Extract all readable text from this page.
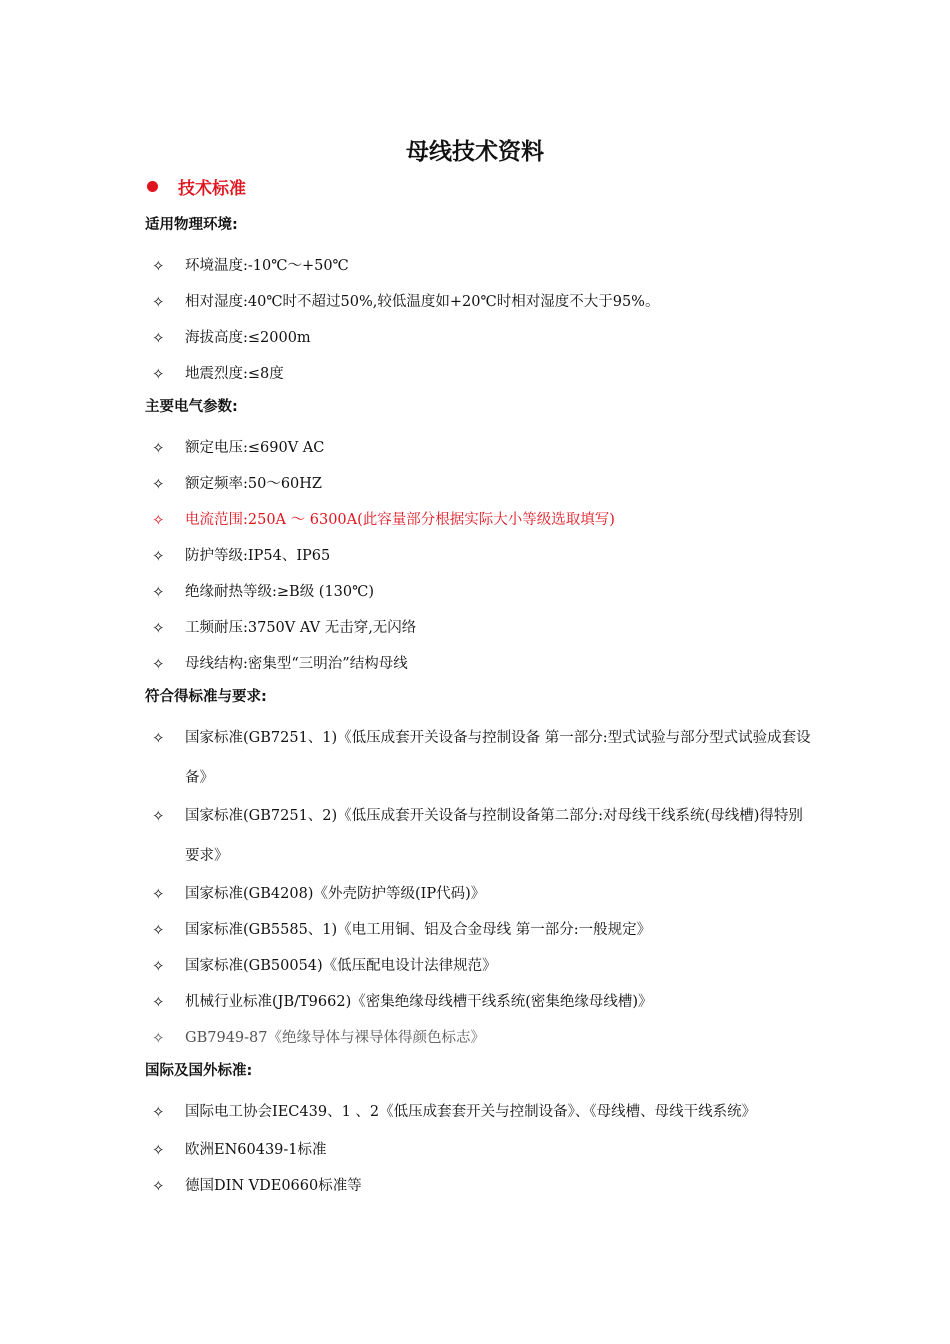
母线技术资料
技术标准
适用物理环境:
✧	环境温度:-10℃～+50℃
✧	相对湿度:40℃时不超过50%,较低温度如+20℃时相对湿度不大于95%。
✧	海拔高度:≤2000m
✧	地震烈度:≤8度
主要电气参数:
✧	额定电压:≤690V AC
✧	额定频率:50～60HZ
✧	电流范围:250A ～ 6300A(此容量部分根据实际大小等级选取填写)
✧	防护等级:IP54、IP65
✧	绝缘耐热等级:≥B级 (130℃)
✧	工频耐压:3750V AV 无击穿,无闪络
✧	母线结构:密集型“三明治”结构母线
符合得标准与要求:
✧	国家标准(GB7251、1)《低压成套开关设备与控制设备 第一部分:型式试验与部分型式试验成套设备》
✧	国家标准(GB7251、2)《低压成套开关设备与控制设备第二部分:对母线干线系统(母线槽)得特别要求》
✧	国家标准(GB4208)《外壳防护等级(IP代码)》
✧	国家标准(GB5585、1)《电工用铜、铝及合金母线 第一部分:一般规定》
✧	国家标准(GB50054)《低压配电设计法律规范》
✧	机械行业标准(JB/T9662)《密集绝缘母线槽干线系统(密集绝缘母线槽)》
✧	GB7949-87《绝缘导体与裸导体得颜色标志》
国际及国外标准:
✧	国际电工协会IEC439、1 、2《低压成套套开关与控制设备》、《母线槽、母线干线系统》
✧	欧洲EN60439-1标准
✧	德国DIN VDE0660标准等
